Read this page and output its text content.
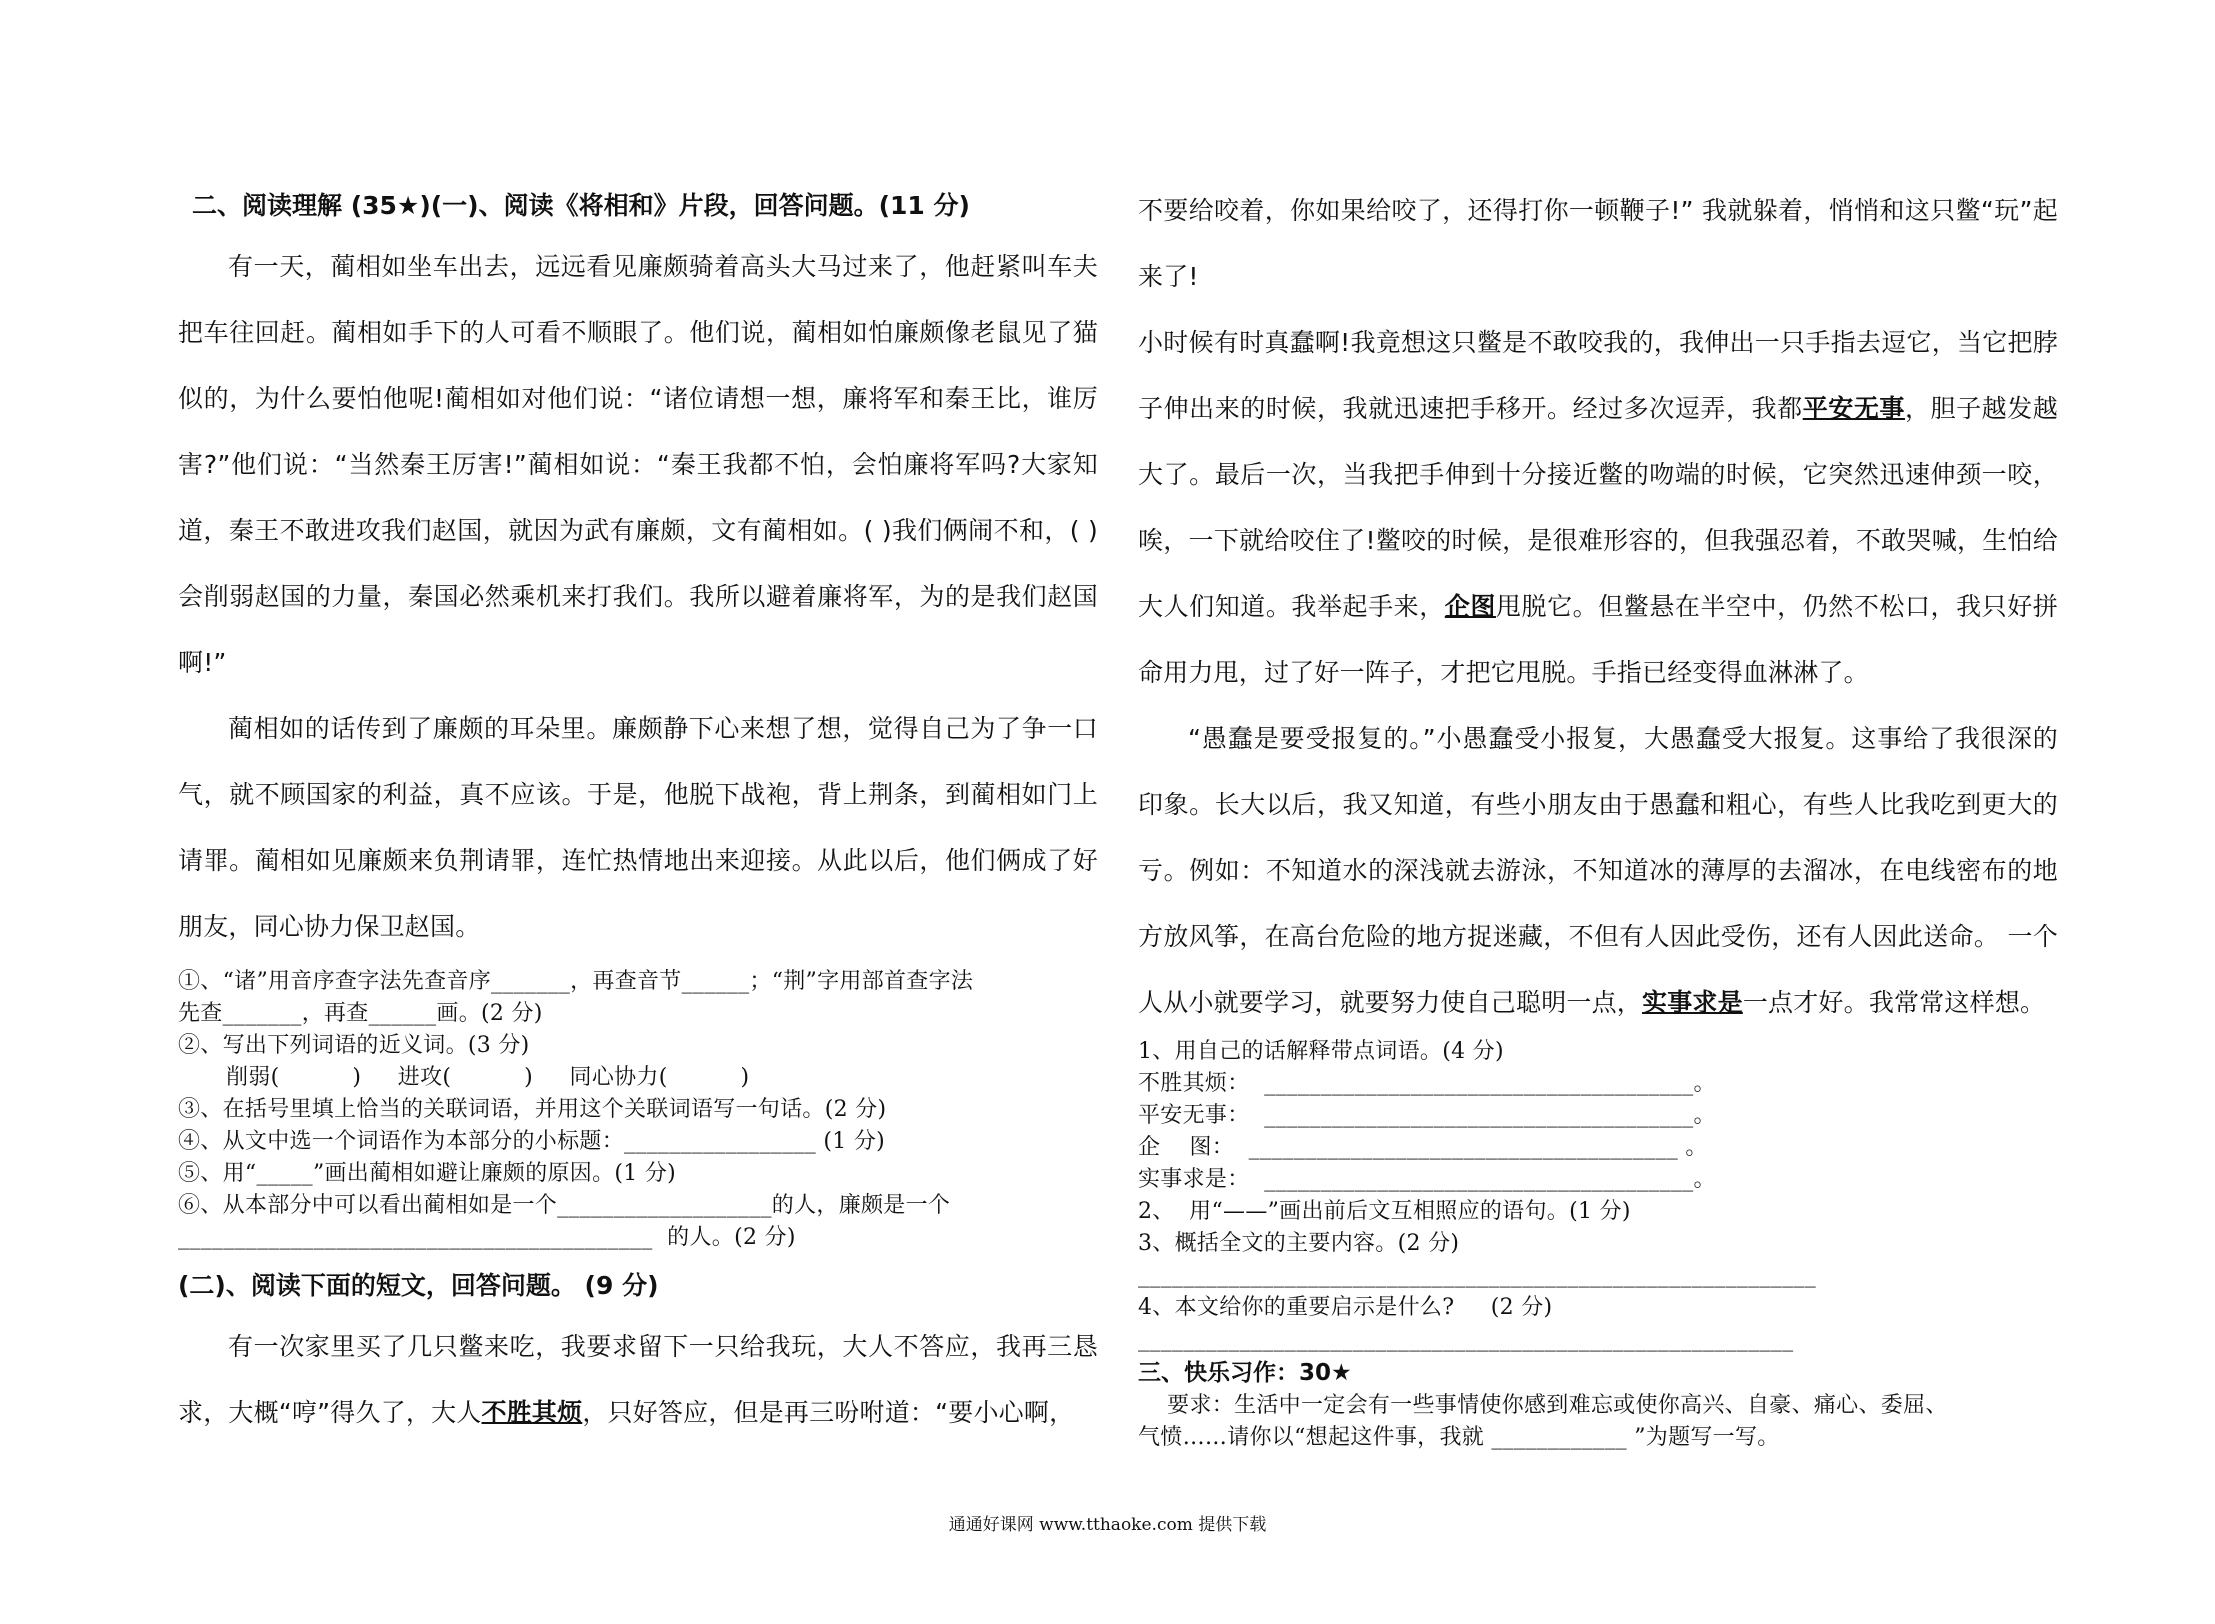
二、阅读理解 (35★)(一)、阅读《将相和》片段，回答问题。(11 分)

有一天，蔺相如坐车出去，远远看见廉颇骑着高头大马过来了，他赶紧叫车夫把车往回赶。蔺相如手下的人可看不顺眼了。他们说，蔺相如怕廉颇像老鼠见了猫似的，为什么要怕他呢!蔺相如对他们说：“诸位请想一想，廉将军和秦王比，谁厉害?”他们说：“当然秦王厉害!”蔺相如说：“秦王我都不怕，会怕廉将军吗?大家知道，秦王不敢进攻我们赵国，就因为武有廉颇，文有蔺相如。( )我们俩闹不和，( )会削弱赵国的力量，秦国必然乘机来打我们。我所以避着廉将军，为的是我们赵国啊!”

蔺相如的话传到了廉颇的耳朵里。廉颇静下心来想了想，觉得自己为了争一口气，就不顾国家的利益，真不应该。于是，他脱下战袍，背上荆条，到蔺相如门上请罪。蔺相如见廉颇来负荆请罪，连忙热情地出来迎接。从此以后，他们俩成了好朋友，同心协力保卫赵国。

①、“诸”用音序查字法先查音序_______，再查音节______；“荆”字用部首查字法
先查_______，再查______画。(2 分)
②、写出下列词语的近义词。(3 分)
削弱(          )     进攻(          )     同心协力(          )
③、在括号里填上恰当的关联词语，并用这个关联词语写一句话。(2 分)
④、从文中选一个词语作为本部分的小标题：_________________ (1 分)
⑤、用“_____”画出蔺相如避让廉颇的原因。(1 分)
⑥、从本部分中可以看出蔺相如是一个___________________的人，廉颇是一个
__________________________________________  的人。(2 分)
(二)、阅读下面的短文，回答问题。 (9 分)

有一次家里买了几只鳖来吃，我要求留下一只给我玩，大人不答应，我再三恳求，大概“哼”得久了，大人不胜其烦，只好答应，但是再三吩咐道：“要小心啊，

不要给咬着，你如果给咬了，还得打你一顿鞭子!” 我就躲着，悄悄和这只鳖“玩”起来了!

小时候有时真蠢啊!我竟想这只鳖是不敢咬我的，我伸出一只手指去逗它，当它把脖子伸出来的时候，我就迅速把手移开。经过多次逗弄，我都平安无事，胆子越发越大了。最后一次，当我把手伸到十分接近鳖的吻端的时候，它突然迅速伸颈一咬，唉，一下就给咬住了!鳖咬的时候，是很难形容的，但我强忍着，不敢哭喊，生怕给大人们知道。我举起手来，企图甩脱它。但鳖悬在半空中，仍然不松口，我只好拼命用力甩，过了好一阵子，才把它甩脱。手指已经变得血淋淋了。

“愚蠢是要受报复的。”小愚蠢受小报复，大愚蠢受大报复。这事给了我很深的印象。长大以后，我又知道，有些小朋友由于愚蠢和粗心，有些人比我吃到更大的亏。例如：不知道水的深浅就去游泳，不知道冰的薄厚的去溜冰，在电线密布的地方放风筝，在高台危险的地方捉迷藏，不但有人因此受伤，还有人因此送命。 一个人从小就要学习，就要努力使自己聪明一点，实事求是一点才好。我常常这样想。

1、用自己的话解释带点词语。(4 分)
不胜其烦：  ______________________________________。
平安无事：  ______________________________________。
企    图：  ______________________________________ 。
实事求是：  ______________________________________。
2、  用“——”画出前后文互相照应的语句。(1 分)
3、概括全文的主要内容。(2 分)
____________________________________________________________
4、本文给你的重要启示是什么?     (2 分)
__________________________________________________________
三、快乐习作：30★
要求：生活中一定会有一些事情使你感到难忘或使你高兴、自豪、痛心、委屈、
气愤……请你以“想起这件事，我就 ____________ ”为题写一写。
通通好课网 www.tthaoke.com 提供下载
